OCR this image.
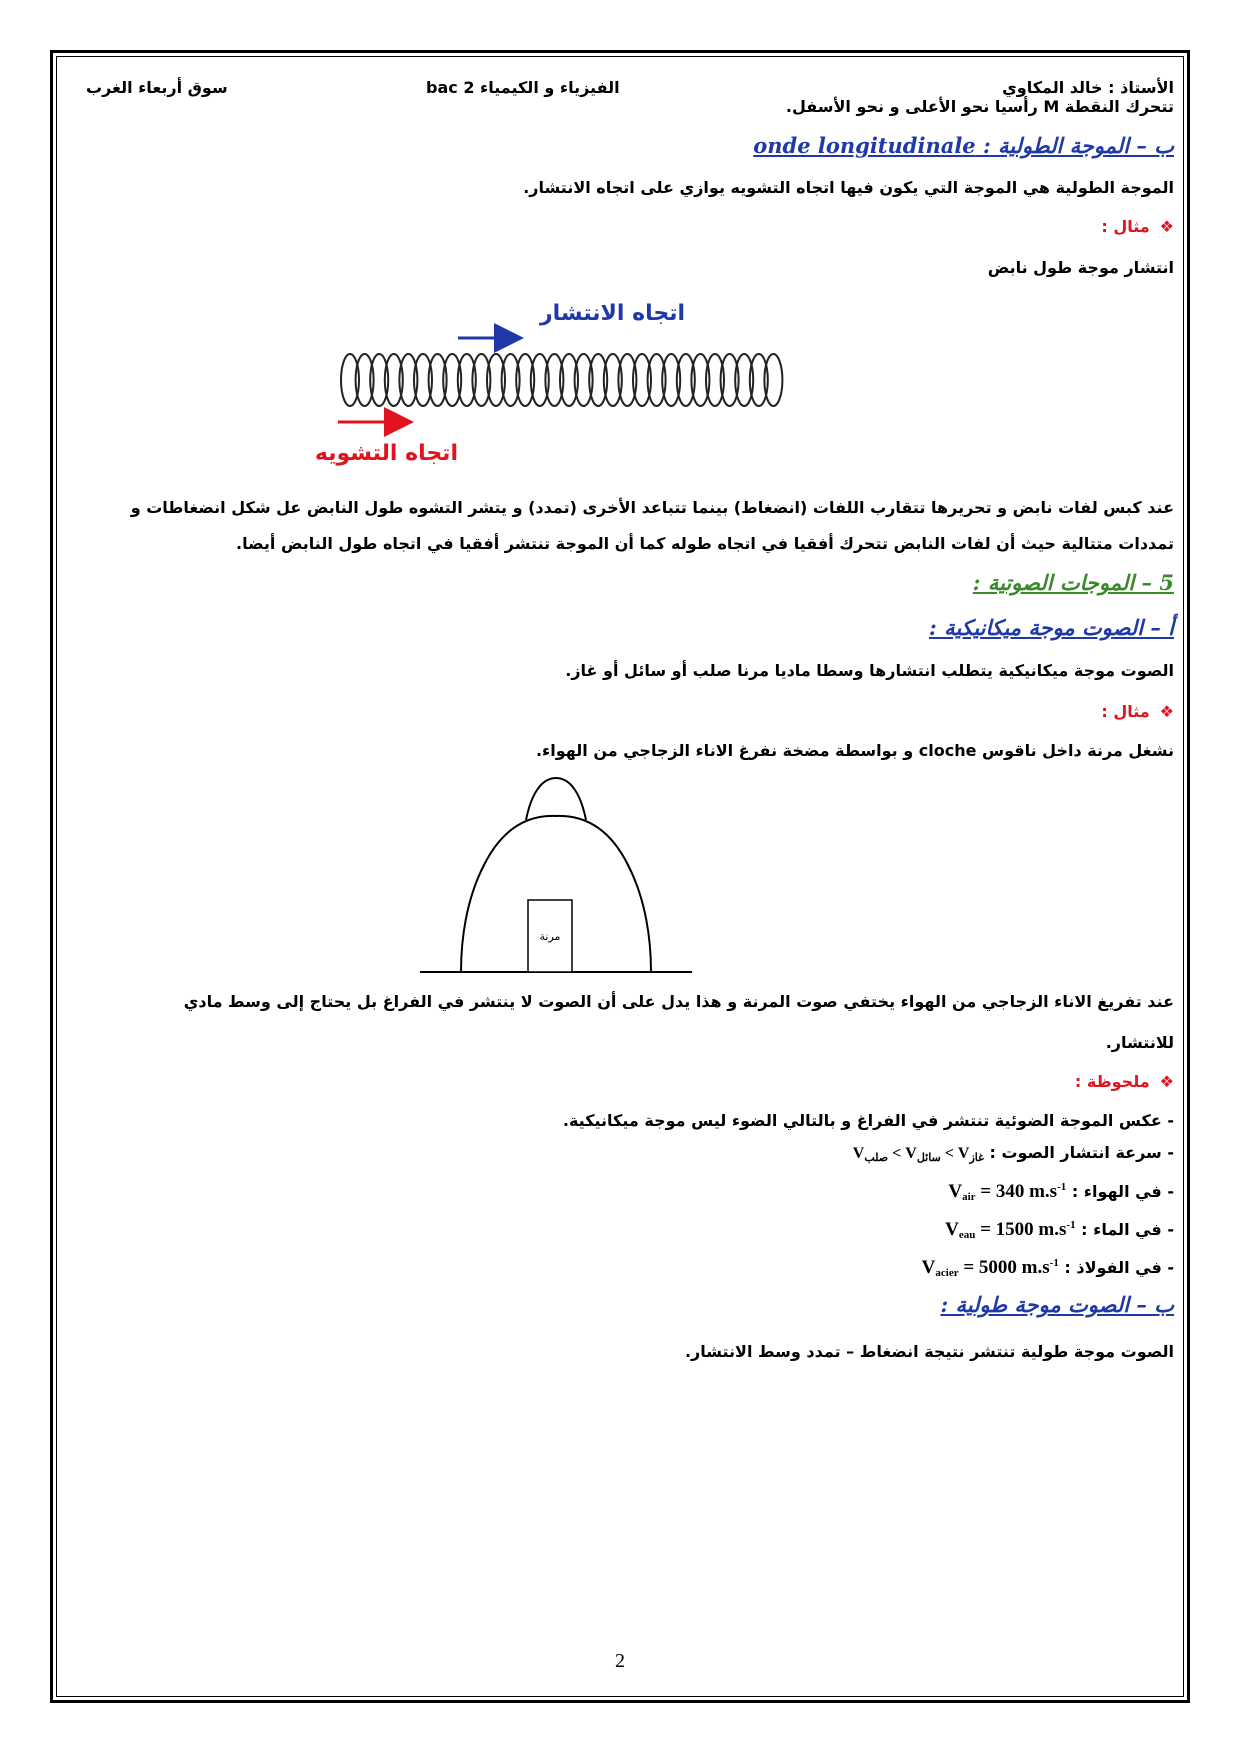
الأستاذ : خالد المكاوي
الفيزياء و الكيمياء 2 bac
سوق أربعاء الغرب
تتحرك النقطة M رأسيا نحو الأعلى و نحو الأسفل.
ب – الموجة الطولية : onde longitudinale
الموجة الطولية هي الموجة التي يكون فيها اتجاه التشويه يوازي على اتجاه الانتشار.
❖مثال :
انتشار موجة طول نابض
اتجاه الانتشار
اتجاه التشويه
عند كبس لفات نابض و تحريرها تتقارب اللفات (انضغاط) بينما تتباعد الأخرى (تمدد) و يتشر التشوه طول النابض عل شكل انضغاطات و
تمددات متتالية حيث أن لفات النابض تتحرك أفقيا في اتجاه طوله كما أن الموجة تنتشر أفقيا في اتجاه طول النابض أيضا.
5 – الموجات الصوتية :
أ – الصوت موجة ميكانيكية :
الصوت موجة ميكانيكية يتطلب انتشارها وسطا ماديا مرنا صلب أو سائل أو غاز.
❖مثال :
نشغل مرنة داخل ناقوس cloche و بواسطة مضخة نفرغ الاناء الزجاجي من الهواء.
مرنة
عند تفريغ الاناء الزجاجي من الهواء يختفي صوت المرنة و هذا يدل على أن الصوت لا ينتشر في الفراغ بل يحتاج إلى وسط مادي
للانتشار.
❖ملحوظة :
- عكس الموجة الضوئية تنتشر في الفراغ و بالتالي الضوء ليس موجة ميكانيكية.
- سرعة انتشار الصوت : $V_{صلب} < V_{سائل} < V_{غاز}$
- في الهواء : $V_{air} = 340$ $m.s^{-1}$
- في الماء : $V_{eau} = 1500$ $m.s^{-1}$
- في الفولاذ : $V_{acier} = 5000$ $m.s^{-1}$
ب – الصوت موجة طولية :
الصوت موجة طولية تنتشر نتيجة انضغاط – تمدد وسط الانتشار.
2
